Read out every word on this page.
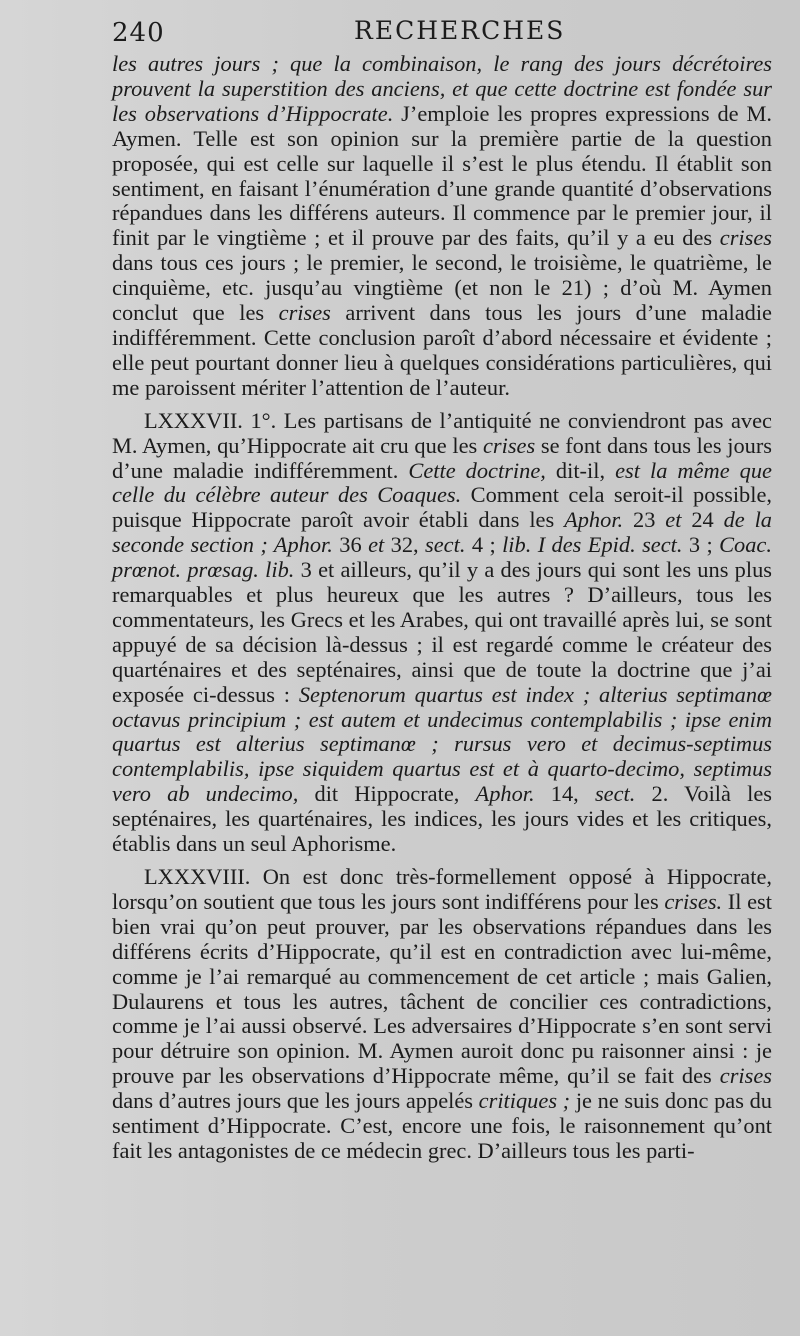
240	RECHERCHES

les autres jours ; que la combinaison, le rang des jours décrétoires prouvent la superstition des anciens, et que cette doctrine est fondée sur les observations d’Hippocrate. J’emploie les propres expressions de M. Aymen. Telle est son opinion sur la première partie de la question proposée, qui est celle sur laquelle il s’est le plus étendu. Il établit son sentiment, en faisant l’énumération d’une grande quantité d’observations répandues dans les différens auteurs. Il commence par le premier jour, il finit par le vingtième ; et il prouve par des faits, qu’il y a eu des crises dans tous ces jours ; le premier, le second, le troisième, le quatrième, le cinquième, etc. jusqu’au vingtième (et non le 21) ; d’où M. Aymen conclut que les crises arrivent dans tous les jours d’une maladie indifféremment. Cette conclusion paroît d’abord nécessaire et évidente ; elle peut pourtant donner lieu à quelques considérations particulières, qui me paroissent mériter l’attention de l’auteur.

LXXXVII. 1°. Les partisans de l’antiquité ne conviendront pas avec M. Aymen, qu’Hippocrate ait cru que les crises se font dans tous les jours d’une maladie indifféremment. Cette doctrine, dit-il, est la même que celle du célèbre auteur des Coaques. Comment cela seroit-il possible, puisque Hippocrate paroît avoir établi dans les Aphor. 23 et 24 de la seconde section ; Aphor. 36 et 32, sect. 4 ; lib. I des Epid. sect. 3 ; Coac. prœnot. prœsag. lib. 3 et ailleurs, qu’il y a des jours qui sont les uns plus remarquables et plus heureux que les autres ? D’ailleurs, tous les commentateurs, les Grecs et les Arabes, qui ont travaillé après lui, se sont appuyé de sa décision là-dessus ; il est regardé comme le créateur des quarténaires et des septénaires, ainsi que de toute la doctrine que j’ai exposée ci-dessus : Septenorum quartus est index ; alterius septimanœ octavus principium ; est autem et undecimus contemplabilis ; ipse enim quartus est alterius septimanœ ; rursus vero et decimus-septimus contemplabilis, ipse siquidem quartus est et à quarto-decimo, septimus vero ab undecimo, dit Hippocrate, Aphor. 14, sect. 2. Voilà les septénaires, les quarténaires, les indices, les jours vides et les critiques, établis dans un seul Aphorisme.

LXXXVIII. On est donc très-formellement opposé à Hippocrate, lorsqu’on soutient que tous les jours sont indifférens pour les crises. Il est bien vrai qu’on peut prouver, par les observations répandues dans les différens écrits d’Hippocrate, qu’il est en contradiction avec lui-même, comme je l’ai remarqué au commencement de cet article ; mais Galien, Dulaurens et tous les autres, tâchent de concilier ces contradictions, comme je l’ai aussi observé. Les adversaires d’Hippocrate s’en sont servi pour détruire son opinion. M. Aymen auroit donc pu raisonner ainsi : je prouve par les observations d’Hippocrate même, qu’il se fait des crises dans d’autres jours que les jours appelés critiques ; je ne suis donc pas du sentiment d’Hippocrate. C’est, encore une fois, le raisonnement qu’ont fait les antagonistes de ce médecin grec. D’ailleurs tous les parti-
